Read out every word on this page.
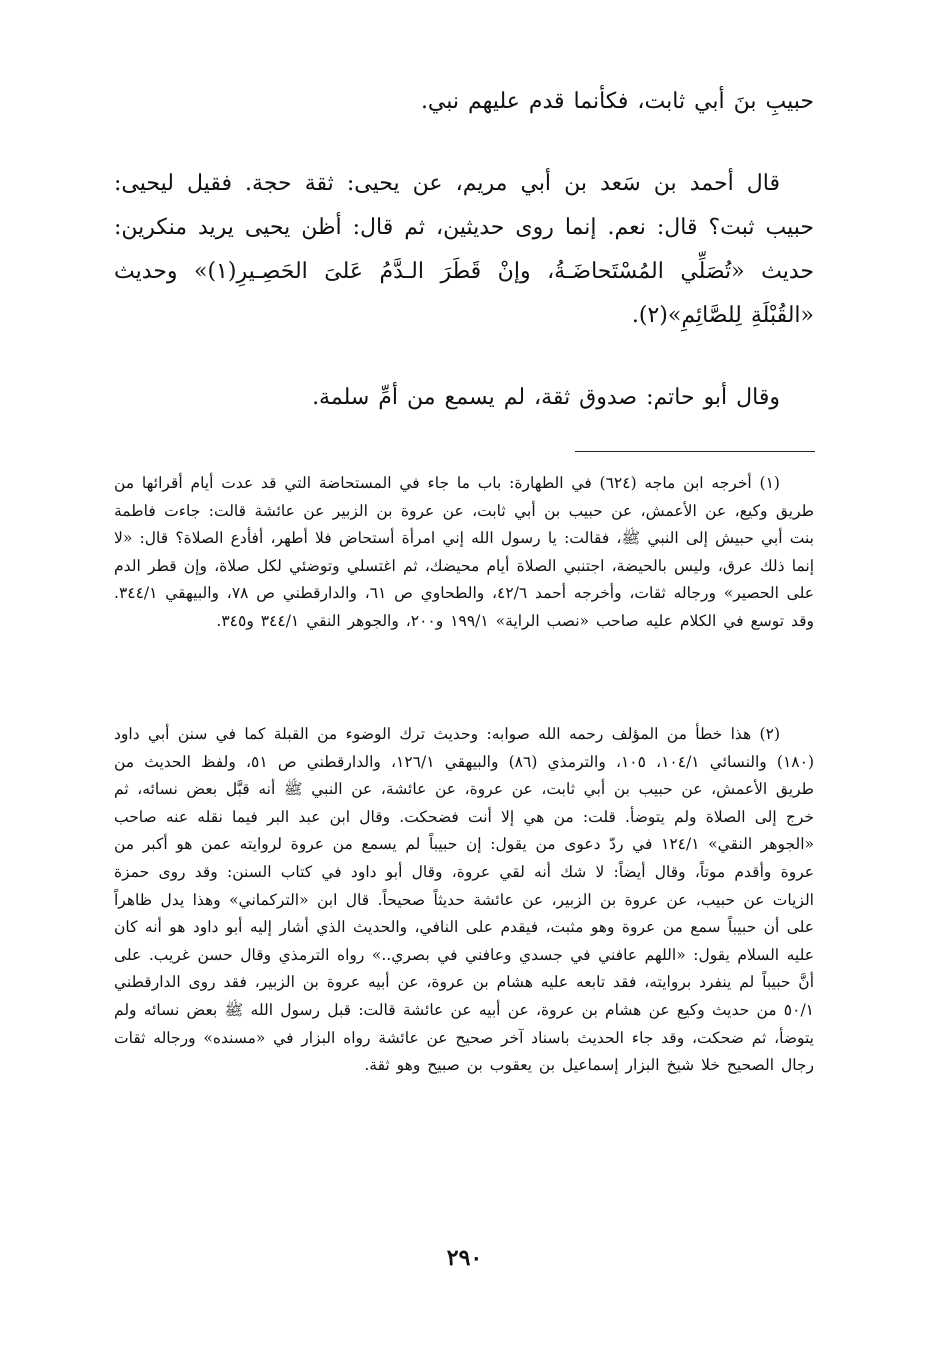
حبيبِ بنَ أبي ثابت، فكأنما قدم عليهم نبي.

قال أحمد بن سَعد بن أبي مريم، عن يحيى: ثقة حجة. فقيل ليحيى: حبيب ثبت؟ قال: نعم. إنما روى حديثين، ثم قال: أظن يحيى يريد منكرين: حديث «تُصَلِّي المُسْتَحاضَـةُ، وإنْ قَطَرَ الـدَّمُ عَلىَ الحَصِـيرِ(١)» وحديث «القُبْلَةِ لِلصَّائِمِ»(٢).

وقال أبو حاتم: صدوق ثقة، لم يسمع من أمِّ سلمة.

(١) أخرجه ابن ماجه (٦٢٤) في الطهارة: باب ما جاء في المستحاضة التي قد عدت أيام أقرائها من طريق وكيع، عن الأعمش، عن حبيب بن أبي ثابت، عن عروة بن الزبير عن عائشة قالت: جاءت فاطمة بنت أبي حبيش إلى النبي ﷺ، فقالت: يا رسول الله إني امرأة أستحاض فلا أطهر، أفأدع الصلاة؟ قال: «لا إنما ذلك عرق، وليس بالحيضة، اجتنبي الصلاة أيام محيضك، ثم اغتسلي وتوضئي لكل صلاة، وإن قطر الدم على الحصير» ورجاله ثقات، وأخرجه أحمد ٤٢/٦، والطحاوي ص ٦١، والدارقطني ص ٧٨، والبيهقي ٣٤٤/١. وقد توسع في الكلام عليه صاحب «نصب الراية» ١٩٩/١ و٢٠٠، والجوهر النقي ٣٤٤/١ و٣٤٥.

(٢) هذا خطأ من المؤلف رحمه الله صوابه: وحديث ترك الوضوء من القبلة كما في سنن أبي داود (١٨٠) والنسائي ١٠٤/١، ١٠٥، والترمذي (٨٦) والبيهقي ١٢٦/١، والدارقطني ص ٥١، ولفظ الحديث من طريق الأعمش، عن حبيب بن أبي ثابت، عن عروة، عن عائشة، عن النبي ﷺ أنه قبَّل بعض نسائه، ثم خرج إلى الصلاة ولم يتوضأ. قلت: من هي إلا أنت فضحكت. وقال ابن عبد البر فيما نقله عنه صاحب «الجوهر النقي» ١٢٤/١ في ردّ دعوى من يقول: إن حبيباً لم يسمع من عروة لروايته عمن هو أكبر من عروة وأقدم موتاً، وقال أيضاً: لا شك أنه لقي عروة، وقال أبو داود في كتاب السنن: وقد روى حمزة الزيات عن حبيب، عن عروة بن الزبير، عن عائشة حديثاً صحيحاً. قال ابن «التركماني» وهذا يدل ظاهراً على أن حبيباً سمع من عروة وهو مثبت، فيقدم على النافي، والحديث الذي أشار إليه أبو داود هو أنه كان عليه السلام يقول: «اللهم عافني في جسدي وعافني في بصري..» رواه الترمذي وقال حسن غريب. على أنَّ حبيباً لم ينفرد بروايته، فقد تابعه عليه هشام بن عروة، عن أبيه عروة بن الزبير، فقد روى الدارقطني ٥٠/١ من حديث وكيع عن هشام بن عروة، عن أبيه عن عائشة قالت: قبل رسول الله ﷺ بعض نسائه ولم يتوضأ، ثم ضحكت، وقد جاء الحديث باسناد آخر صحيح عن عائشة رواه البزار في «مسنده» ورجاله ثقات رجال الصحيح خلا شيخ البزار إسماعيل بن يعقوب بن صبيح وهو ثقة.

٢٩٠
